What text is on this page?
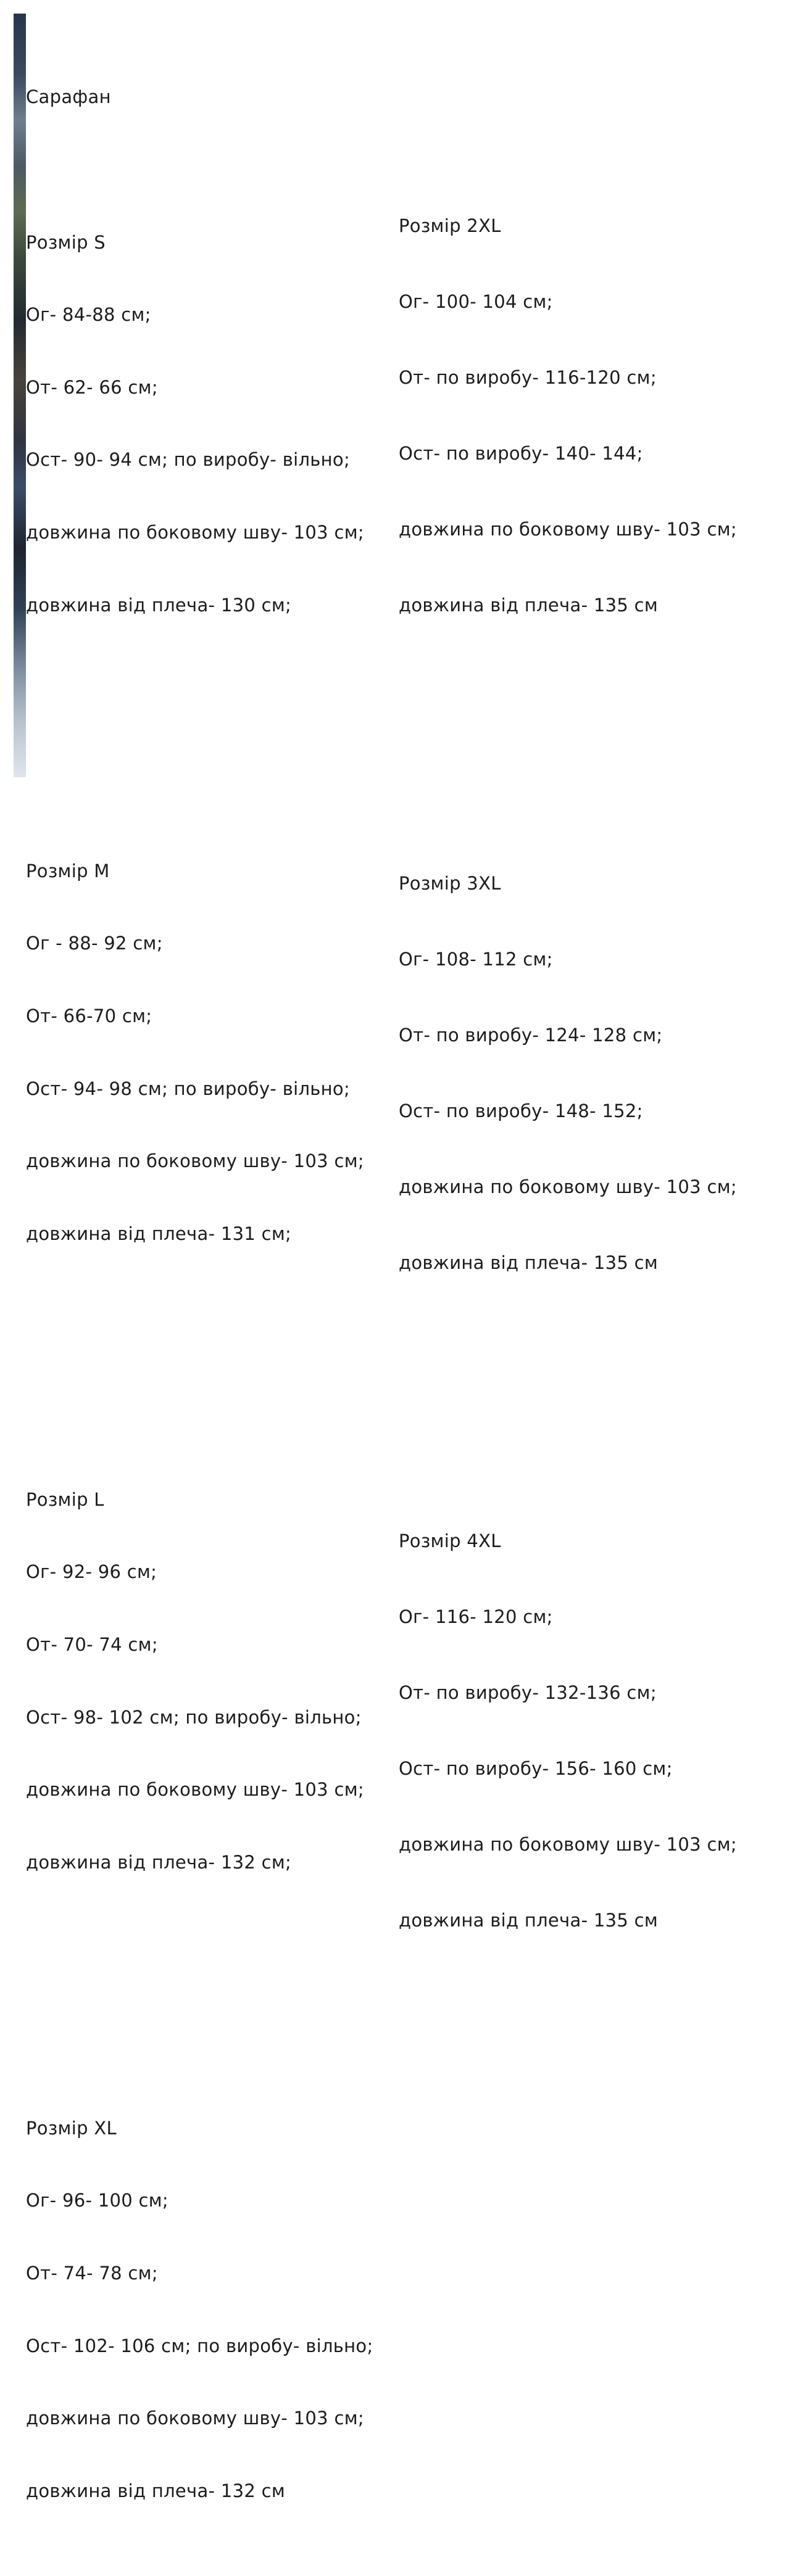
Сарафан

Розмір S

Ог- 84-88 см;

От- 62- 66 см;

Ост- 90- 94 см; по виробу- вільно;

довжина по боковому шву- 103 см;

довжина від плеча- 130 см;

Розмір М

Ог - 88- 92 см;

От- 66-70 см;

Ост- 94- 98 см; по виробу- вільно;

довжина по боковому шву- 103 см;

довжина від плеча- 131 см;

Розмір L

Ог- 92- 96 см;

От- 70- 74 см;

Ост- 98- 102 см; по виробу- вільно;

довжина по боковому шву- 103 см;

довжина від плеча- 132 см;

Розмір XL

Ог- 96- 100 см;

От- 74- 78 см;

Ост- 102- 106 см; по виробу- вільно;

довжина по боковому шву- 103 см;

довжина від плеча- 132 см

Розмір 2XL

Ог- 100- 104 см;

От- по виробу- 116-120 см;

Ост- по виробу- 140- 144;

довжина по боковому шву- 103 см;

довжина від плеча- 135 см

Розмір 3XL

Ог- 108- 112 см;

От- по виробу- 124- 128 см;

Ост- по виробу- 148- 152;

довжина по боковому шву- 103 см;

довжина від плеча- 135 см

Розмір 4XL

Ог- 116- 120 см;

От- по виробу- 132-136 см;

Ост- по виробу- 156- 160 см;

довжина по боковому шву- 103 см;

довжина від плеча- 135 см
